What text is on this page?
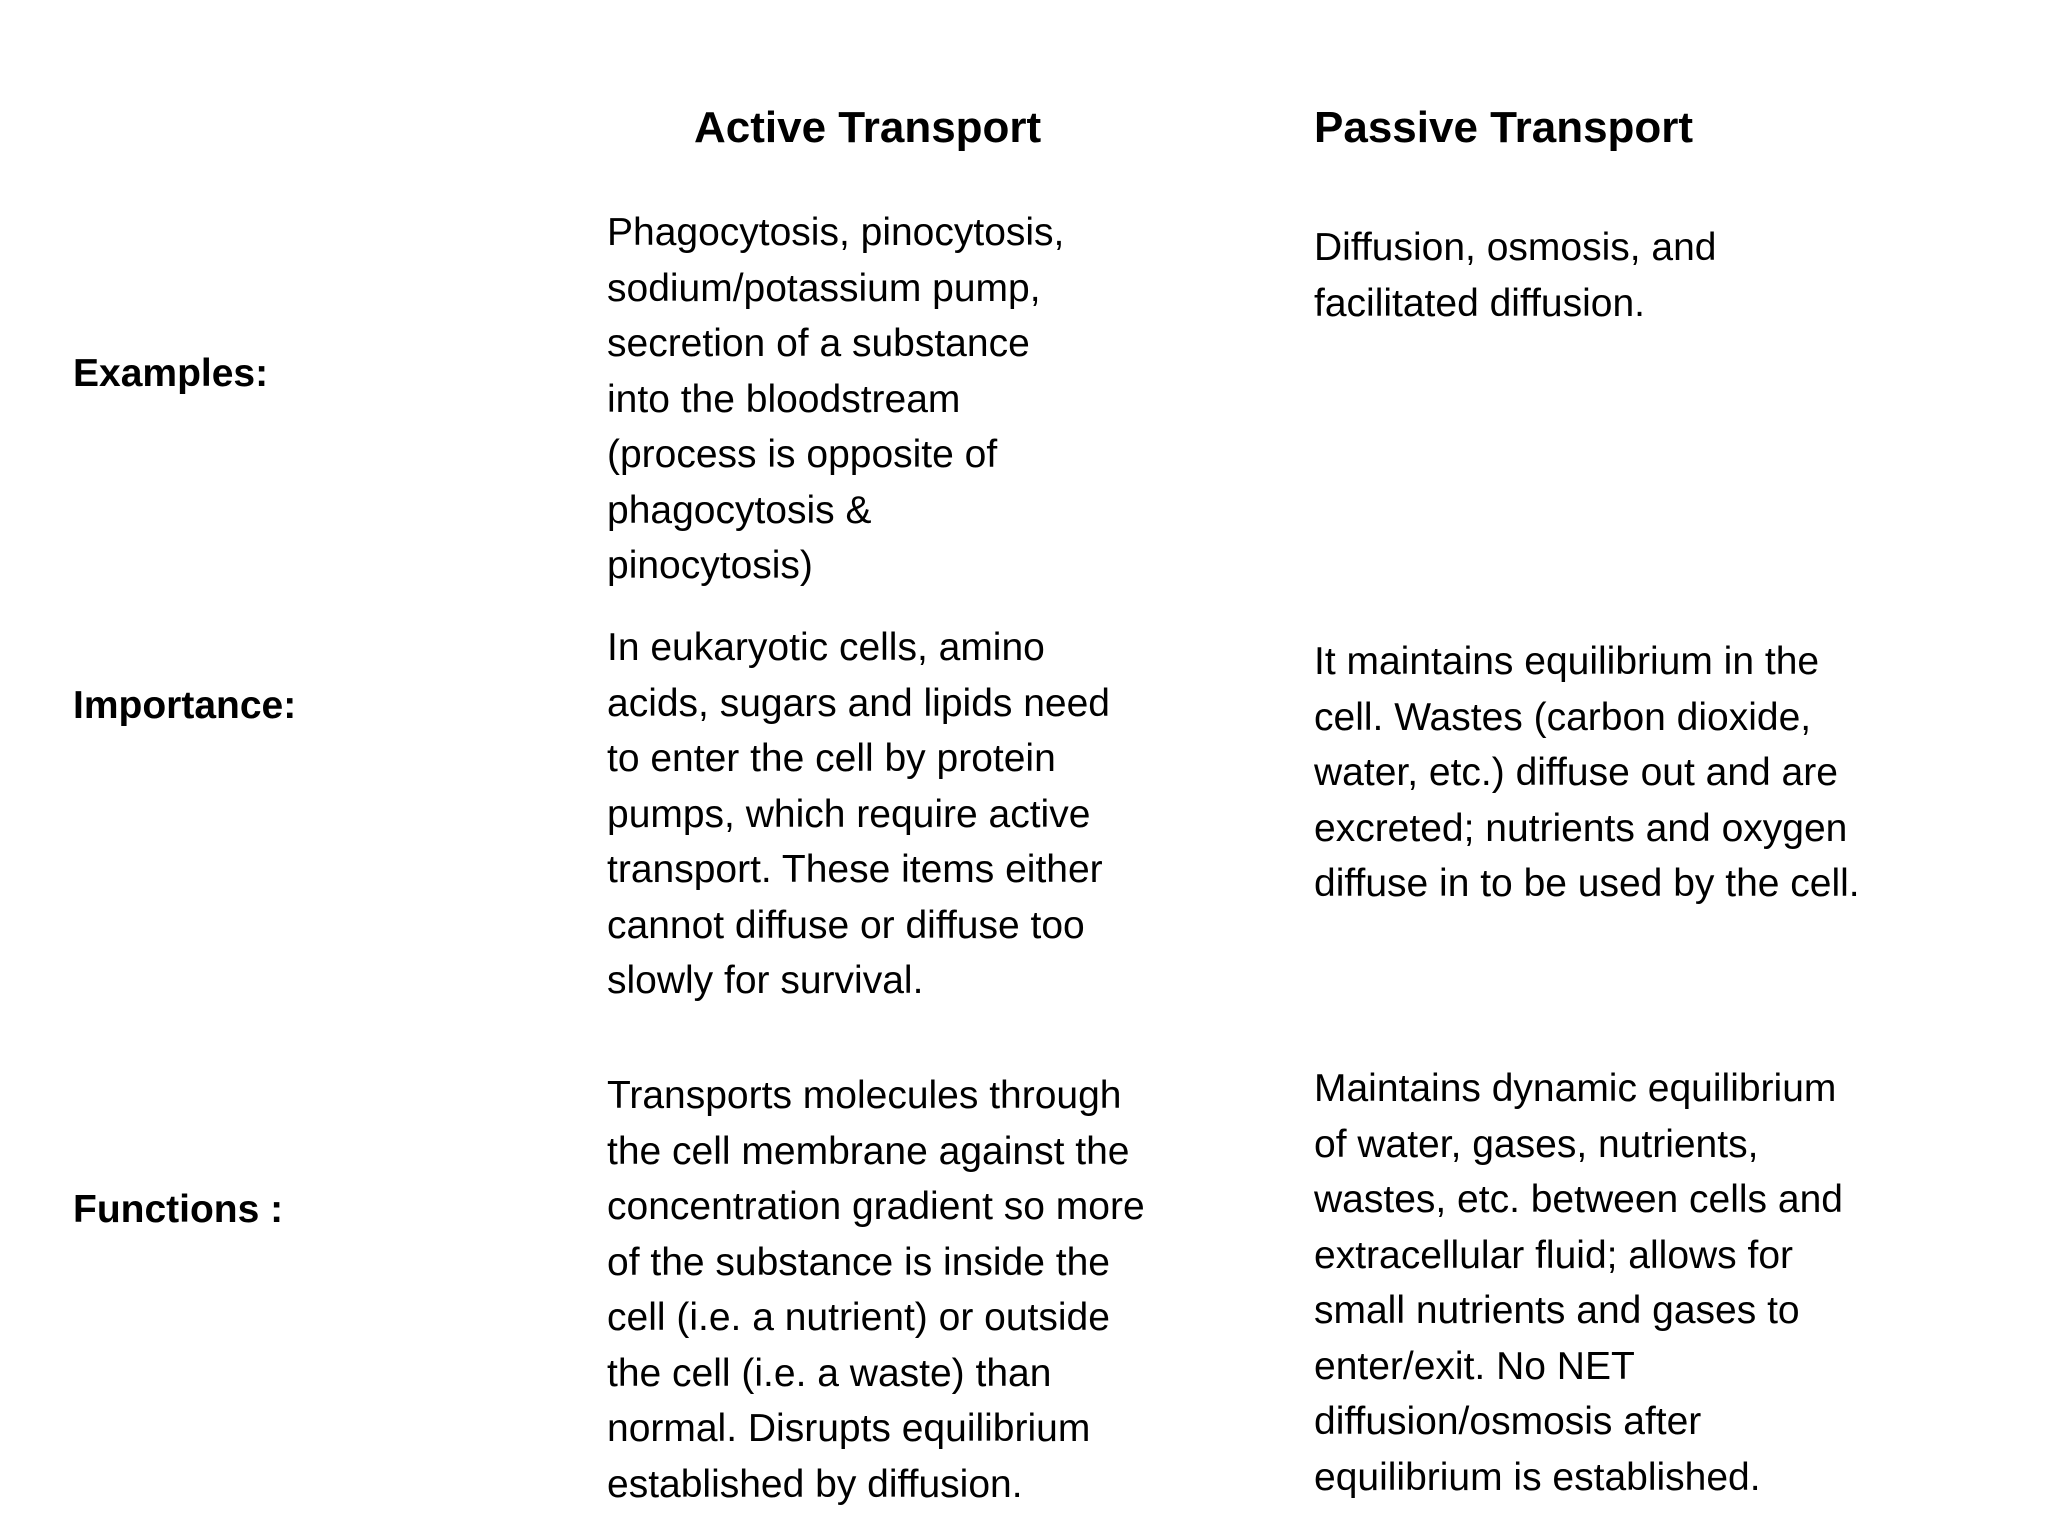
Active Transport	Passive Transport
Examples:
Phagocytosis, pinocytosis,
sodium/potassium pump,
secretion of a substance
into the bloodstream
(process is opposite of
phagocytosis &
pinocytosis)
Diffusion, osmosis, and
facilitated diffusion.
Importance:
In eukaryotic cells, amino
acids, sugars and lipids need
to enter the cell by protein
pumps, which require active
transport. These items either
cannot diffuse or diffuse too
slowly for survival.
It maintains equilibrium in the
cell. Wastes (carbon dioxide,
water, etc.) diffuse out and are
excreted; nutrients and oxygen
diffuse in to be used by the cell.
Functions :
Transports molecules through
the cell membrane against the
concentration gradient so more
of the substance is inside the
cell (i.e. a nutrient) or outside
the cell (i.e. a waste) than
normal. Disrupts equilibrium
established by diffusion.
Maintains dynamic equilibrium
of water, gases, nutrients,
wastes, etc. between cells and
extracellular fluid; allows for
small nutrients and gases to
enter/exit. No NET
diffusion/osmosis after
equilibrium is established.
